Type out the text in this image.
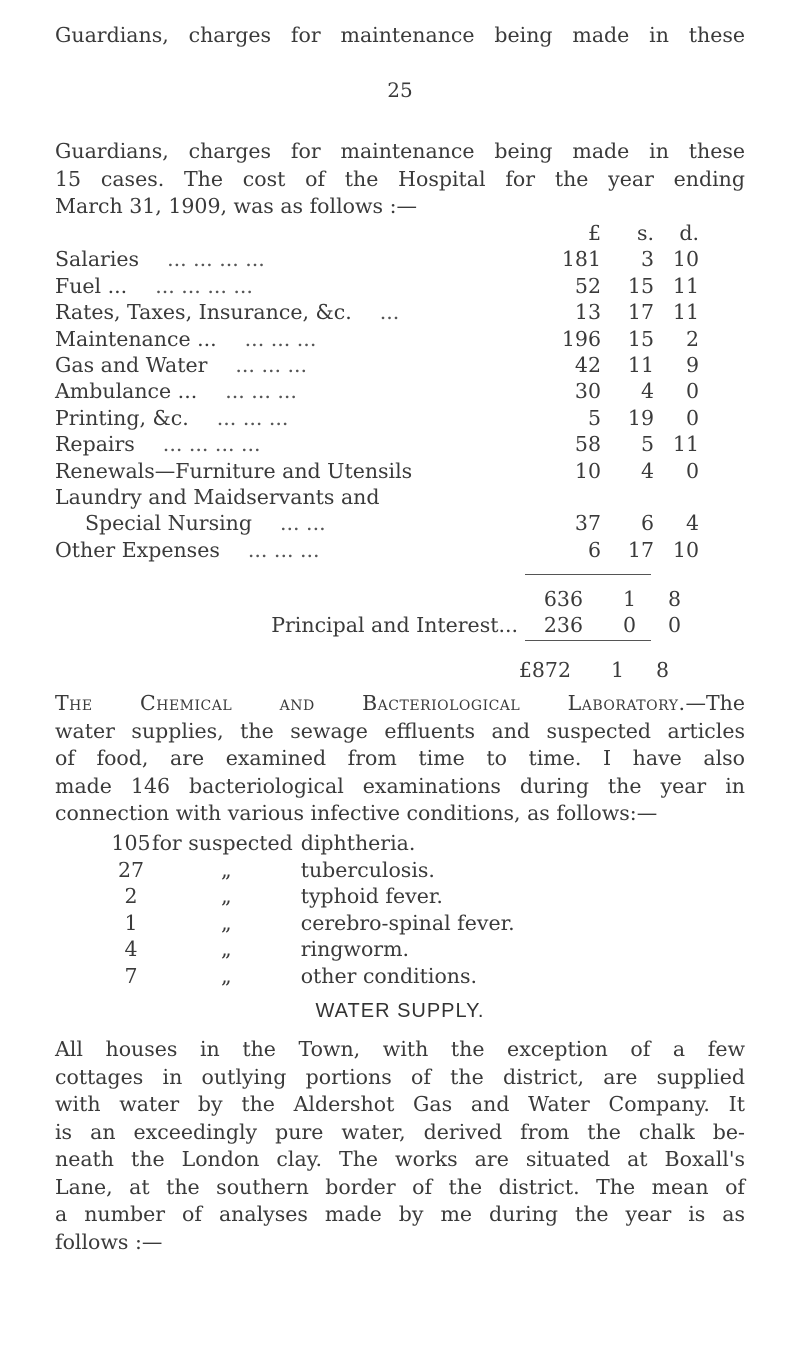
25
Guardians, charges for maintenance being made in these
Guardians, charges for maintenance being made in these
15 cases. The cost of the Hospital for the year ending
March 31, 1909, was as follows :—
	£	s.	d.
Salaries ... ... ... ...	181	3	10
Fuel ... ... ... ... ...	52	15	11
Rates, Taxes, Insurance, &c. ...	13	17	11
Maintenance ... ... ... ...	196	15	2
Gas and Water ... ... ...	42	11	9
Ambulance ... ... ... ...	30	4	0
Printing, &c. ... ... ...	5	19	0
Repairs ... ... ... ...	58	5	11
Renewals—Furniture and Utensils	10	4	0
Laundry and Maidservants and			
Special Nursing ... ...	37	6	4
Other Expenses ... ... ...	6	17	10
	636	1	8
Principal and Interest...	236	0	0
	£872	1	8
The Chemical and Bacteriological Laboratory.—The
water supplies, the sewage effluents and suspected articles
of food, are examined from time to time. I have also
made 146 bacteriological examinations during the year in
connection with various infective conditions, as follows:—
105	for suspected	diphtheria.
27	„	tuberculosis.
2	„	typhoid fever.
1	„	cerebro-spinal fever.
4	„	ringworm.
7	„	other conditions.
WATER SUPPLY.
All houses in the Town, with the exception of a few
cottages in outlying portions of the district, are supplied
with water by the Aldershot Gas and Water Company. It
is an exceedingly pure water, derived from the chalk be-
neath the London clay. The works are situated at Boxall's
Lane, at the southern border of the district. The mean of
a number of analyses made by me during the year is as
follows :—
